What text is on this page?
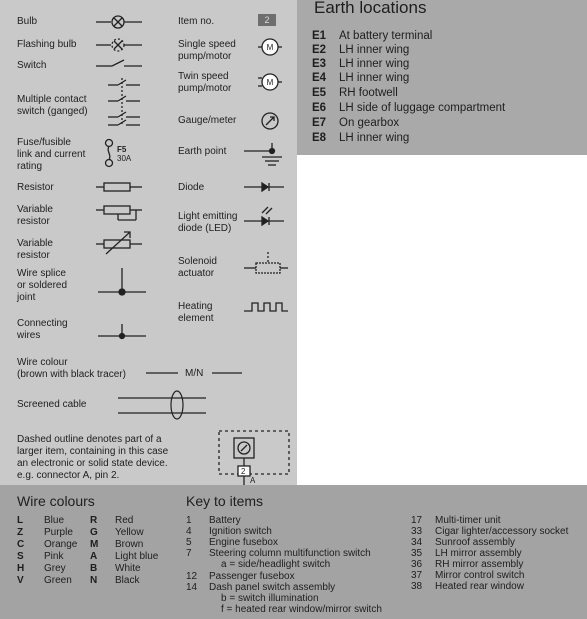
Bulb
Flashing bulb
Switch
Multiple contact
switch (ganged)
Fuse/fusible
link and current
rating
Resistor
Variable
resistor
Variable
resistor
Wire splice
or soldered
joint
Connecting
wires
Item no.	2
Single speed
pump/motor
Twin speed
pump/motor
Gauge/meter
Earth point
Diode
Light emitting
diode (LED)
Solenoid
actuator
Heating
element
Wire colour
(brown with black tracer)	M/N
Screened cable
Dashed outline denotes part of a
larger item, containing in this case
an electronic or solid state device.
e.g. connector A, pin 2.
M
M
F5
30A
2
A
Earth locations
E1 At battery terminal
E2 LH inner wing
E3 LH inner wing
E4 LH inner wing
E5 RH footwell
E6 LH side of luggage compartment
E7 On gearbox
E8 LH inner wing
Wire colours
L Blue
Z Purple
C Orange
S Pink
H Grey
V Green
R Red
G Yellow
M Brown
A Light blue
B White
N Black
Key to items
1 Battery
4 Ignition switch
5 Engine fusebox
7 Steering column multifunction switch
a = side/headlight switch
12 Passenger fusebox
14 Dash panel switch assembly
b = switch illumination
f = heated rear window/mirror switch
17 Multi-timer unit
33 Cigar lighter/accessory socket
34 Sunroof assembly
35 LH mirror assembly
36 RH mirror assembly
37 Mirror control switch
38 Heated rear window
